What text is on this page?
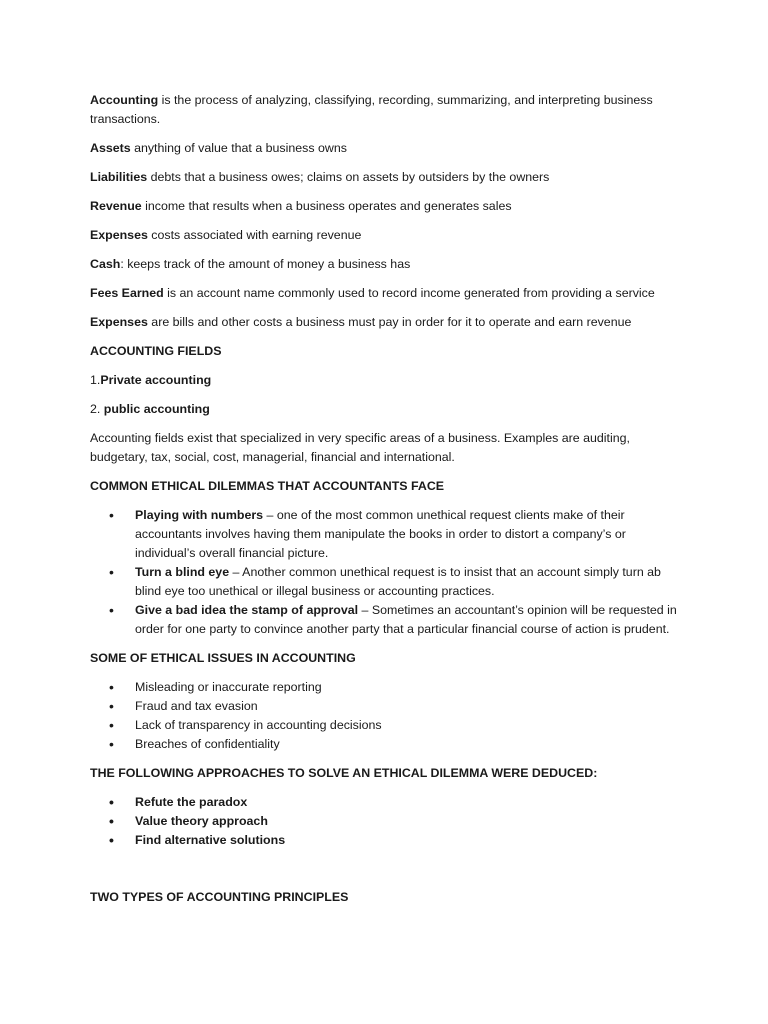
Accounting is the process of analyzing, classifying, recording, summarizing, and interpreting business transactions.

Assets anything of value that a business owns

Liabilities debts that a business owes; claims on assets by outsiders by the owners

Revenue income that results when a business operates and generates sales

Expenses costs associated with earning revenue

Cash: keeps track of the amount of money a business has

Fees Earned is an account name commonly used to record income generated from providing a service

Expenses are bills and other costs a business must pay in order for it to operate and earn revenue

ACCOUNTING FIELDS

1.Private accounting

2. public accounting

Accounting fields exist that specialized in very specific areas of a business. Examples are auditing, budgetary, tax, social, cost, managerial, financial and international.

COMMON ETHICAL DILEMMAS THAT ACCOUNTANTS FACE

• Playing with numbers – one of the most common unethical request clients make of their accountants involves having them manipulate the books in order to distort a company’s or individual’s overall financial picture.
• Turn a blind eye – Another common unethical request is to insist that an account simply turn ab blind eye too unethical or illegal business or accounting practices.
• Give a bad idea the stamp of approval – Sometimes an accountant’s opinion will be requested in order for one party to convince another party that a particular financial course of action is prudent.

SOME OF ETHICAL ISSUES IN ACCOUNTING

• Misleading or inaccurate reporting
• Fraud and tax evasion
• Lack of transparency in accounting decisions
• Breaches of confidentiality

THE FOLLOWING APPROACHES TO SOLVE AN ETHICAL DILEMMA WERE DEDUCED:

• Refute the paradox
• Value theory approach
• Find alternative solutions

TWO TYPES OF ACCOUNTING PRINCIPLES
